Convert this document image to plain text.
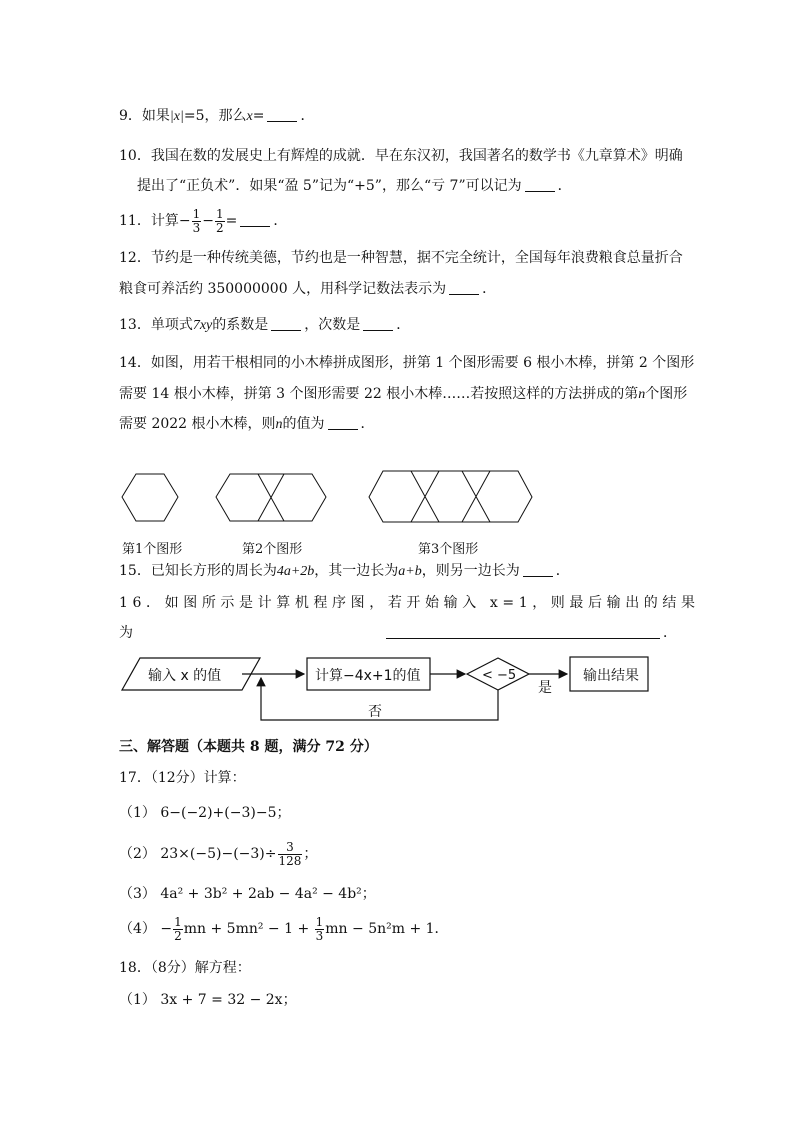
9．如果|x|=5，那么x=	．
10．我国在数的发展史上有辉煌的成就．早在东汉初，我国著名的数学书《九章算术》明确
提出了“正负术”．如果“盈 5”记为“+5”，那么“亏 7”可以记为	．
11．计算− $\frac{1}{3} - \frac{1}{2}$ =	．
12．节约是一种传统美德，节约也是一种智慧，据不完全统计，全国每年浪费粮食总量折合
粮食可养活约 350000000 人，用科学记数法表示为	．
13．单项式7xy的系数是	，次数是	．
14．如图，用若干根相同的小木棒拼成图形，拼第 1 个图形需要 6 根小木棒，拼第 2 个图形
需要 14 根小木棒，拼第 3 个图形需要 22 根小木棒……若按照这样的方法拼成的第n个图形
需要 2022 根小木棒，则n的值为	．
第1个图形	第2个图形	第3个图形
15．已知长方形的周长为4a+2b，其一边长为a+b，则另一边长为	．
16．如图所示是计算机程序图，若开始输入 x=1，则最后输出的结果
为	．
输入 x 的值	计算−4x+1的值	< −5
是
输出结果
否
三、解答题（本题共 8 题，满分 72 分）
17．（12分）计算：
（1） 6−(−2)+(−3)−5；
（2） $23\times(-5)-(-3)\div \frac{3}{128}$ ；
（3） 4a² + 3b² + 2ab − 4a² − 4b²；
$(4) - \frac{1}{2}$ mn + $5mn^2 - 1 + \frac{1}{3}$ mn − 5n²m + 1．
18．（8分）解方程：
（1） 3x + 7 = 32 − 2x；
